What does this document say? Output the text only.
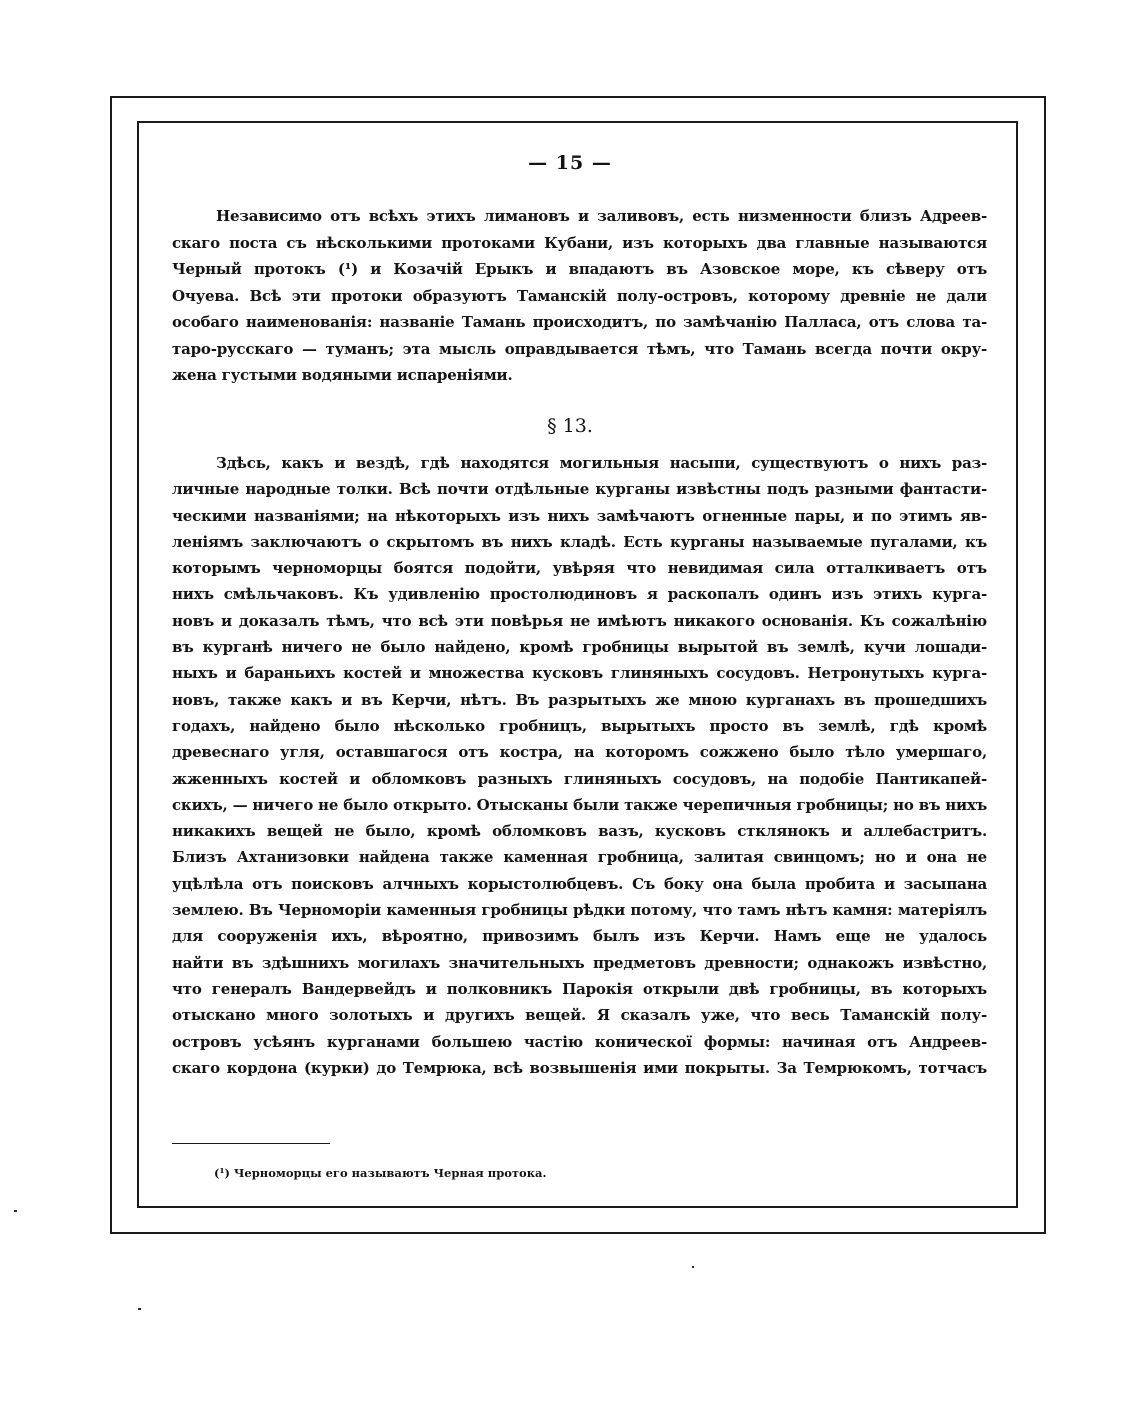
— 15 —
Независимо отъ всѣхъ этихъ лимановъ и заливовъ, есть низменности близъ Адреев-
скаго поста съ нѣсколькими протоками Кубани, изъ которыхъ два главные называются
Черный протокъ (¹) и Козачій Ерыкъ и впадаютъ въ Азовское море, къ сѣверу отъ
Очуева. Всѣ эти протоки образуютъ Таманскій полу-островъ, которому древніе не дали
особаго наименованія: названіе Тамань происходитъ, по замѣчанію Палласа, отъ слова та-
таро-русскаго — туманъ; эта мысль оправдывается тѣмъ, что Тамань всегда почти окру-
жена густыми водяными испареніями.
§ 13.
Здѣсь, какъ и вездѣ, гдѣ находятся могильныя насыпи, существуютъ о нихъ раз-
личные народные толки. Всѣ почти отдѣльные курганы извѣстны подъ разными фантасти-
ческими названіями; на нѣкоторыхъ изъ нихъ замѣчаютъ огненные пары, и по этимъ яв-
леніямъ заключаютъ о скрытомъ въ нихъ кладѣ. Есть курганы называемые пугалами, къ
которымъ черноморцы боятся подойти, увѣряя что невидимая сила отталкиваетъ отъ
нихъ смѣльчаковъ. Къ удивленію простолюдиновъ я раскопалъ одинъ изъ этихъ курга-
новъ и доказалъ тѣмъ, что всѣ эти повѣрья не имѣютъ никакого основанія. Къ сожалѣнію
въ курганѣ ничего не было найдено, кромѣ гробницы вырытой въ землѣ, кучи лошади-
ныхъ и бараньихъ костей и множества кусковъ глиняныхъ сосудовъ. Нетронутыхъ курга-
новъ, также какъ и въ Керчи, нѣтъ. Въ разрытыхъ же мною курганахъ въ прошедшихъ
годахъ, найдено было нѣсколько гробницъ, вырытыхъ просто въ землѣ, гдѣ кромѣ
древеснаго угля, оставшагося отъ костра, на которомъ сожжено было тѣло умершаго,
жженныхъ костей и обломковъ разныхъ глиняныхъ сосудовъ, на подобіе Пантикапей-
скихъ, — ничего не было открыто. Отысканы были также черепичныя гробницы; но въ нихъ
никакихъ вещей не было, кромѣ обломковъ вазъ, кусковъ стклянокъ и аллебастритъ.
Близъ Ахтанизовки найдена также каменная гробница, залитая свинцомъ; но и она не
уцѣлѣла отъ поисковъ алчныхъ корыстолюбцевъ. Съ боку она была пробита и засыпана
землею. Въ Черноморіи каменныя гробницы рѣдки потому, что тамъ нѣтъ камня: матеріялъ
для сооруженія ихъ, вѣроятно, привозимъ былъ изъ Керчи. Намъ еще не удалось
найти въ здѣшнихъ могилахъ значительныхъ предметовъ древности; однакожъ извѣстно,
что генералъ Вандервейдъ и полковникъ Парокія открыли двѣ гробницы, въ которыхъ
отыскано много золотыхъ и другихъ вещей. Я сказалъ уже, что весь Таманскій полу-
островъ усѣянъ курганами большею частію коническої формы: начиная отъ Андреев-
скаго кордона (курки) до Темрюка, всѣ возвышенія ими покрыты. За Темрюкомъ, тотчасъ
(¹) Черноморцы его называютъ Черная протока.
